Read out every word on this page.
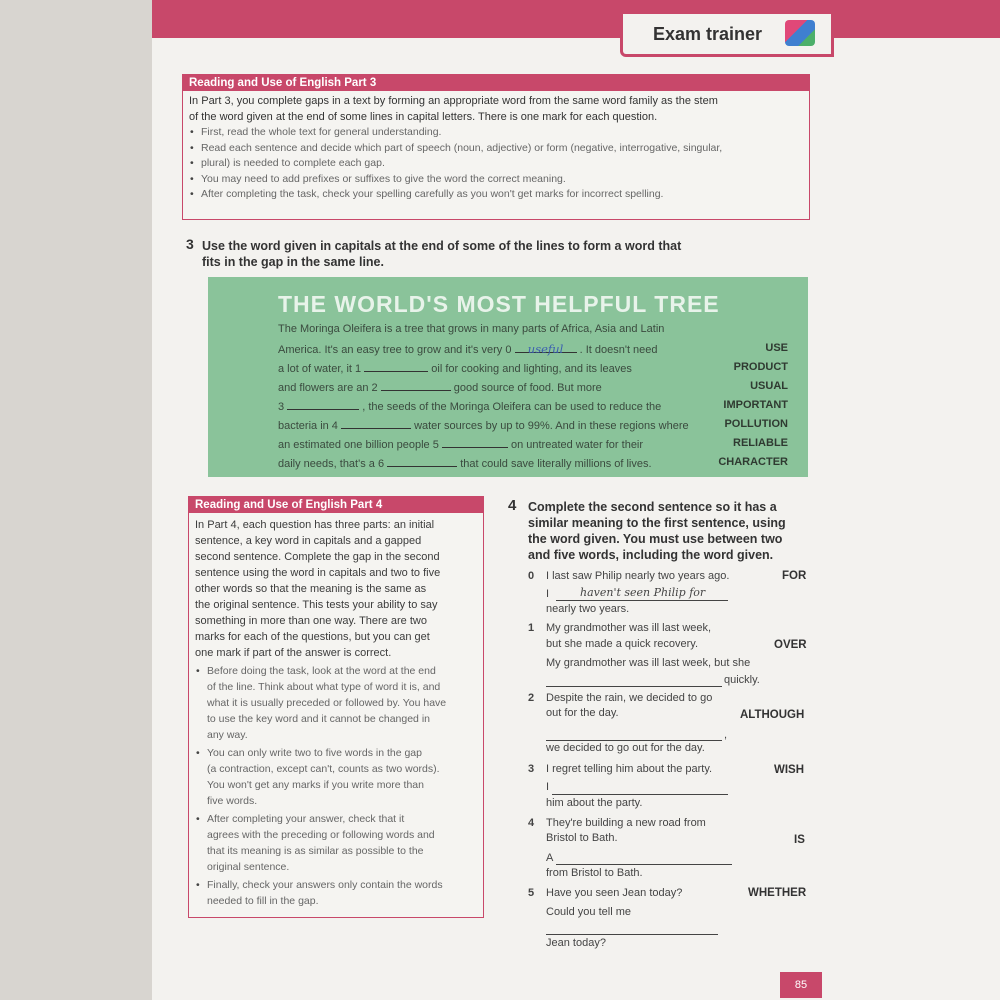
Exam trainer
Reading and Use of English Part 3

In Part 3, you complete gaps in a text by forming an appropriate word from the same word family as the stem

of the word given at the end of some lines in capital letters. There is one mark for each question.

• First, read the whole text for general understanding.
• Read each sentence and decide which part of speech (noun, adjective) or form (negative, interrogative, singular,
• plural) is needed to complete each gap.
• You may need to add prefixes or suffixes to give the word the correct meaning.
• After completing the task, check your spelling carefully as you won't get marks for incorrect spelling.
3 Use the word given in capitals at the end of some of the lines to form a word that
fits in the gap in the same line.
THE WORLD'S MOST HELPFUL TREE
The Moringa Oleifera is a tree that grows in many parts of Africa, Asia and Latin
America. It's an easy tree to grow and it's very 0 useful . It doesn't need	USE
a lot of water, it 1	oil for cooking and lighting, and its leaves	PRODUCT
and flowers are an 2	good source of food. But more	USUAL
3	, the seeds of the Moringa Oleifera can be used to reduce the	IMPORTANT
bacteria in 4	water sources by up to 99%. And in these regions where	POLLUTION
an estimated one billion people 5	on untreated water for their	RELIABLE
daily needs, that's a 6	that could save literally millions of lives.	CHARACTER
Reading and Use of English Part 4

In Part 4, each question has three parts: an initial

sentence, a key word in capitals and a gapped

second sentence. Complete the gap in the second

sentence using the word in capitals and two to five

other words so that the meaning is the same as

the original sentence. This tests your ability to say

something in more than one way. There are two

marks for each of the questions, but you can get

one mark if part of the answer is correct.

• Before doing the task, look at the word at the end
of the line. Think about what type of word it is, and
what it is usually preceded or followed by. You have
to use the key word and it cannot be changed in
any way.
• You can only write two to five words in the gap
(a contraction, except can't, counts as two words).
You won't get any marks if you write more than
five words.
• After completing your answer, check that it
agrees with the preceding or following words and
that its meaning is as similar as possible to the
original sentence.
• Finally, check your answers only contain the words
needed to fill in the gap.
4 Complete the second sentence so it has a
similar meaning to the first sentence, using
the word given. You must use between two
and five words, including the word given.
0 I last saw Philip nearly two years ago.	FOR
I	haven't seen Philip for
nearly two years.
1 My grandmother was ill last week,
but she made a quick recovery.	OVER
My grandmother was ill last week, but she
quickly.
2 Despite the rain, we decided to go
out for the day.	ALTHOUGH
,
we decided to go out for the day.
3 I regret telling him about the party.	WISH
I
him about the party.
4 They're building a new road from
Bristol to Bath.	IS
A
from Bristol to Bath.
5 Have you seen Jean today?	WHETHER
Could you tell me
Jean today?
85
